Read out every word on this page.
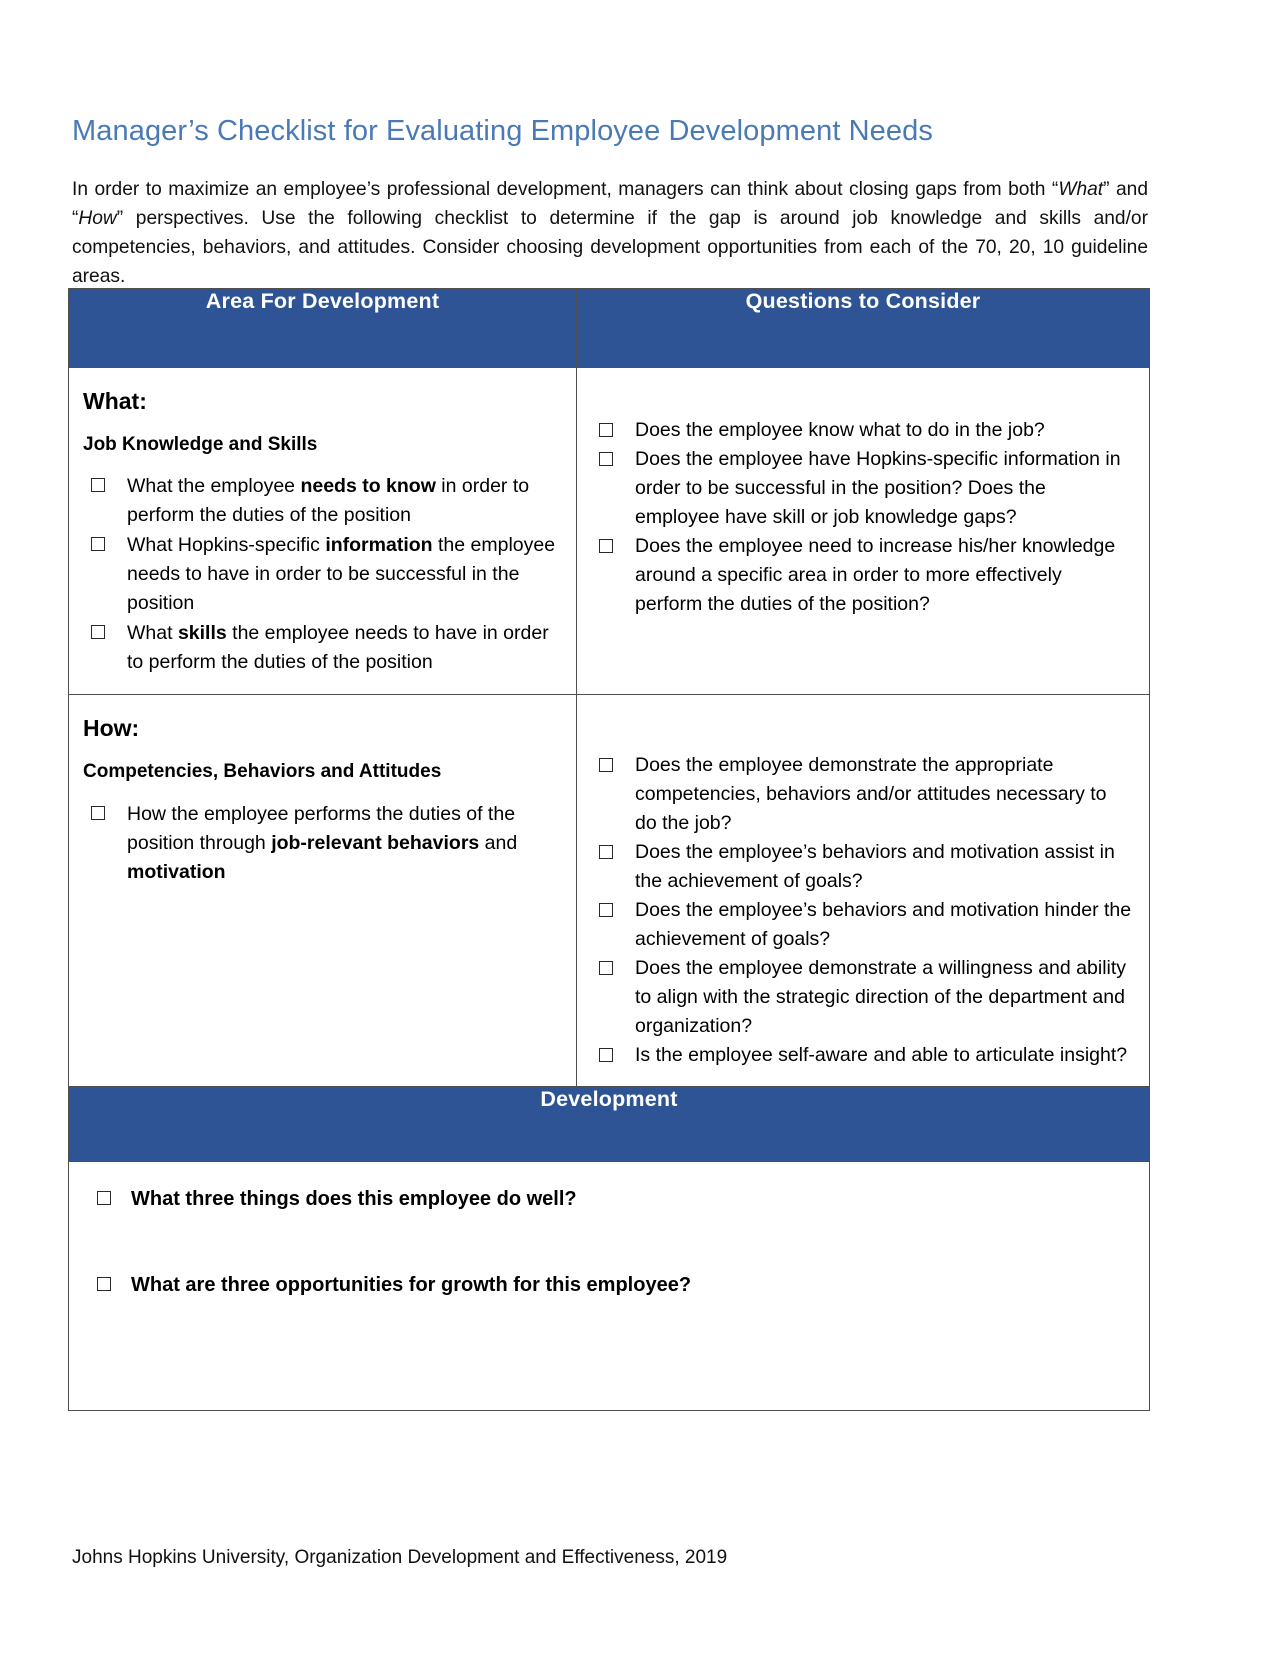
Manager’s Checklist for Evaluating Employee Development Needs

In order to maximize an employee’s professional development, managers can think about closing gaps from both “What” and “How” perspectives. Use the following checklist to determine if the gap is around job knowledge and skills and/or competencies, behaviors, and attitudes. Consider choosing development opportunities from each of the 70, 20, 10 guideline areas.

Area For Development	Questions to Consider

What:
Job Knowledge and Skills
What the employee needs to know in order to perform the duties of the position
What Hopkins-specific information the employee needs to have in order to be successful in the position
What skills the employee needs to have in order to perform the duties of the position

Does the employee know what to do in the job?
Does the employee have Hopkins-specific information in order to be successful in the position? Does the employee have skill or job knowledge gaps?
Does the employee need to increase his/her knowledge around a specific area in order to more effectively perform the duties of the position?

How:
Competencies, Behaviors and Attitudes
How the employee performs the duties of the position through job-relevant behaviors and motivation

Does the employee demonstrate the appropriate competencies, behaviors and/or attitudes necessary to do the job?
Does the employee’s behaviors and motivation assist in the achievement of goals?
Does the employee’s behaviors and motivation hinder the achievement of goals?
Does the employee demonstrate a willingness and ability to align with the strategic direction of the department and organization?
Is the employee self-aware and able to articulate insight?

Development	

What three things does this employee do well?
What are three opportunities for growth for this employee?
Johns Hopkins University, Organization Development and Effectiveness, 2019
